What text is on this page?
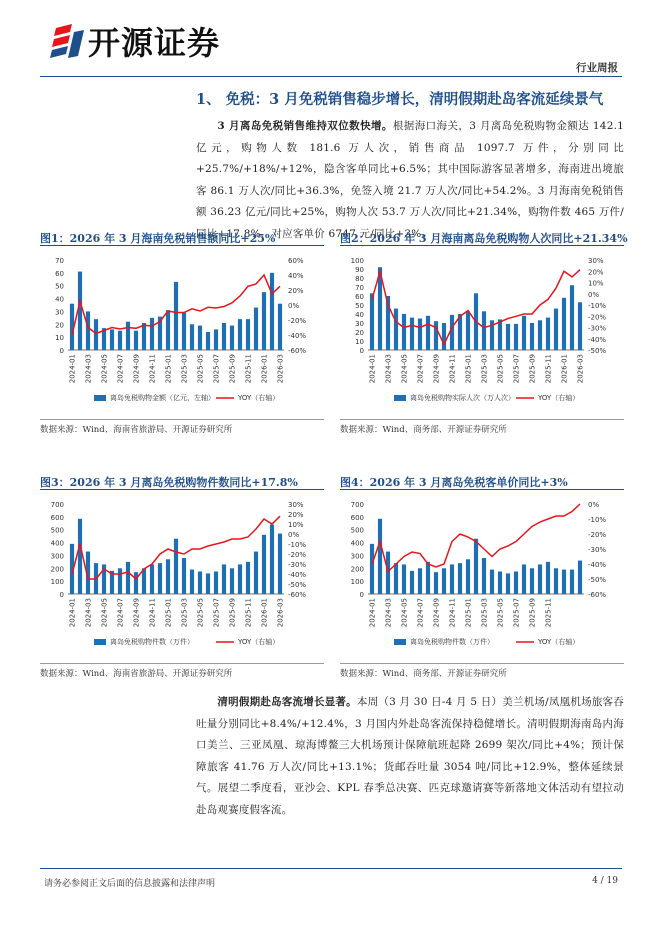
开源证券
行业周报
1、 免税：3 月免税销售稳步增长，清明假期赴岛客流延续景气
  3 月离岛免税销售维持双位数快增。根据海口海关，3 月离岛免税购物金额达 142.1 亿元，购物人数 181.6 万人次，销售商品 1097.7 万件，分别同比+25.7%/+18%/+12%，隐含客单同比+6.5%；其中国际游客显著增多，海南进出境旅客 86.1 万人次/同比+36.3%，免签入境 21.7 万人次/同比+54.2%。3 月海南免税销售额 36.23 亿元/同比+25%，购物人次 53.7 万人次/同比+21.34%，购物件数 465 万件/同比+17.8%，对应客单价 6747 元/同比+3%。
图1：2026 年 3 月海南免税销售额同比+25%
0
10
20
30
40
50
60
70
-60%
-40%
-20%
0%
20%
40%
60%
2024-01 2024-03 2024-05 2024-07 2024-09 2024-11 2025-01 2025-03 2025-05 2025-07 2025-09 2025-11 2026-01 2026-03
离岛免税购物金额（亿元，左轴）	YOY（右轴）
数据来源：Wind、海南省旅游局、开源证券研究所
图2：2026 年 3 月海南离岛免税购物人次同比+21.34%
0
10
20
30
40
50
60
70
80
90
100
-50%
-40%
-30%
-20%
-10%
0%
10%
20%
30%
2024-01 2024-03 2024-05 2024-07 2024-09 2024-11 2025-01 2025-03 2025-05 2025-07 2025-09 2025-11 2026-01 2026-03
离岛免税购物实际人次（万人次）	YOY（右轴）
数据来源：Wind、商务部、开源证券研究所
图3：2026 年 3 月离岛免税购物件数同比+17.8%
0
100
200
300
400
500
600
700
-60%
-50%
-40%
-30%
-20%
-10%
0%
10%
20%
30%
2024-01 2024-03 2024-05 2024-07 2024-09 2024-11 2025-01 2025-03 2025-05 2025-07 2025-09 2025-11 2026-01 2026-03
离岛免税购物件数（万件）	YOY（右轴）
数据来源：Wind、海南省旅游局、开源证券研究所
图4：2026 年 3 月离岛免税客单价同比+3%
0
100
200
300
400
500
600
700
-60%
-50%
-40%
-30%
-20%
-10%
0%
2024-01 2024-03 2024-05 2024-07 2024-09 2024-11 2025-01 2025-03 2025-05 2025-07 2025-09 2025-11
离岛免税购物件数（万件）	YOY（右轴）
数据来源：Wind、商务部、开源证券研究所
  清明假期赴岛客流增长显著。本周（3 月 30 日-4 月 5 日）美兰机场/凤凰机场旅客吞吐量分别同比+8.4%/+12.4%，3 月国内外赴岛客流保持稳健增长。清明假期海南岛内海口美兰、三亚凤凰、琼海博鳌三大机场预计保障航班起降 2699 架次/同比+4%；预计保障旅客 41.76 万人次/同比+13.1%；货邮吞吐量 3054 吨/同比+12.9%，整体延续景气。展望二季度看，亚沙会、KPL 春季总决赛、匹克球邀请赛等新落地文体活动有望拉动赴岛观赛度假客流。
请务必参阅正文后面的信息披露和法律声明	4 / 19
